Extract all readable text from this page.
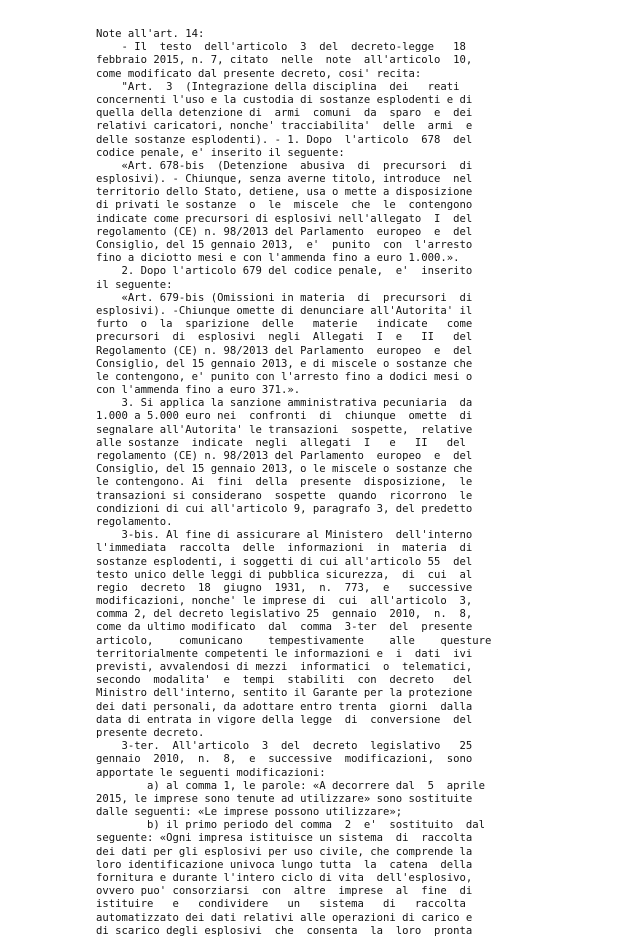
Note all'art. 14:
- Il  testo  dell'articolo  3  del  decreto-legge   18
febbraio 2015, n. 7, citato  nelle  note  all'articolo  10,
come modificato dal presente decreto, cosi' recita:
"Art.  3  (Integrazione della disciplina  dei   reati
concernenti l'uso e la custodia di sostanze esplodenti e di
quella della detenzione di  armi  comuni  da  sparo  e  dei
relativi caricatori, nonche' tracciabilita'  delle  armi  e
delle sostanze esplodenti). - 1. Dopo  l'articolo  678  del
codice penale, e' inserito il seguente:
«Art. 678-bis  (Detenzione  abusiva  di  precursori  di
esplosivi). - Chiunque, senza averne titolo, introduce  nel
territorio dello Stato, detiene, usa o mette a disposizione
di privati le sostanze  o  le  miscele  che  le  contengono
indicate come precursori di esplosivi nell'allegato  I  del
regolamento (CE) n. 98/2013 del Parlamento  europeo  e  del
Consiglio, del 15 gennaio 2013,  e'  punito  con  l'arresto
fino a diciotto mesi e con l'ammenda fino a euro 1.000.».
2. Dopo l'articolo 679 del codice penale,  e'  inserito
il seguente:
«Art. 679-bis (Omissioni in materia  di  precursori  di
esplosivi). -Chiunque omette di denunciare all'Autorita' il
furto  o  la  sparizione  delle   materie   indicate   come
precursori  di  esplosivi  negli  Allegati  I  e   II   del
Regolamento (CE) n. 98/2013 del Parlamento  europeo  e  del
Consiglio, del 15 gennaio 2013, e di miscele o sostanze che
le contengono, e' punito con l'arresto fino a dodici mesi o
con l'ammenda fino a euro 371.».
3. Si applica la sanzione amministrativa pecuniaria  da
1.000 a 5.000 euro nei  confronti  di  chiunque  omette  di
segnalare all'Autorita' le transazioni  sospette,  relative
alle sostanze  indicate  negli  allegati  I   e   II   del
regolamento (CE) n. 98/2013 del Parlamento  europeo  e  del
Consiglio, del 15 gennaio 2013, o le miscele o sostanze che
le contengono. Ai  fini  della  presente  disposizione,  le
transazioni si considerano  sospette  quando  ricorrono  le
condizioni di cui all'articolo 9, paragrafo 3, del predetto
regolamento.
3-bis. Al fine di assicurare al Ministero  dell'interno
l'immediata  raccolta  delle  informazioni  in  materia  di
sostanze esplodenti, i soggetti di cui all'articolo 55  del
testo unico delle leggi di pubblica sicurezza,  di  cui  al
regio  decreto  18  giugno  1931,  n.  773,  e   successive
modificazioni, nonche' le imprese di  cui  all'articolo  3,
comma 2, del decreto legislativo 25  gennaio  2010,  n.  8,
come da ultimo modificato  dal  comma  3-ter  del  presente
articolo,    comunicano    tempestivamente    alle    questure
territorialmente competenti le informazioni e  i  dati  ivi
previsti, avvalendosi di mezzi  informatici  o  telematici,
secondo  modalita'  e  tempi  stabiliti  con  decreto   del
Ministro dell'interno, sentito il Garante per la protezione
dei dati personali, da adottare entro trenta  giorni  dalla
data di entrata in vigore della legge  di  conversione  del
presente decreto.
3-ter.  All'articolo  3  del  decreto  legislativo   25
gennaio  2010,  n.  8,  e  successive  modificazioni,  sono
apportate le seguenti modificazioni:
a) al comma 1, le parole: «A decorrere dal  5  aprile
2015, le imprese sono tenute ad utilizzare» sono sostituite
dalle seguenti: «Le imprese possono utilizzare»;
b) il primo periodo del comma  2  e'  sostituito  dal
seguente: «Ogni impresa istituisce un sistema  di  raccolta
dei dati per gli esplosivi per uso civile, che comprende la
loro identificazione univoca lungo tutta  la  catena  della
fornitura e durante l'intero ciclo di vita  dell'esplosivo,
ovvero puo' consorziarsi  con  altre  imprese  al  fine  di
istituire   e   condividere   un   sistema   di   raccolta
automatizzato dei dati relativi alle operazioni di carico e
di scarico degli esplosivi  che  consenta  la  loro  pronta
